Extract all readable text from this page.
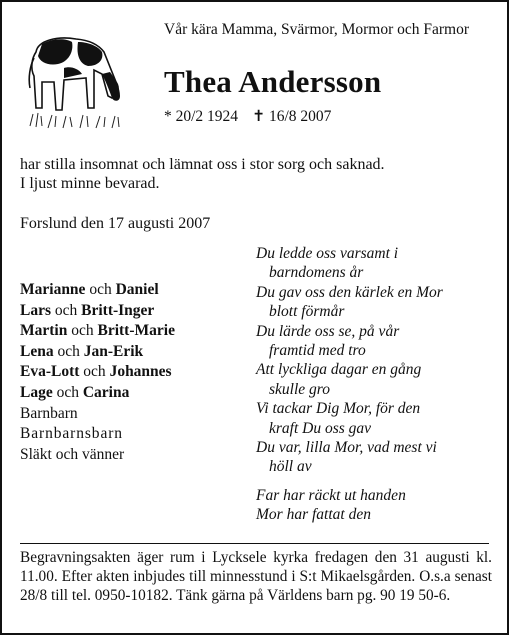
Vår kära Mamma, Svärmor, Mormor och Farmor
Thea Andersson
* 20/2 1924 ✝ 16/8 2007
har stilla insomnat och lämnat oss i stor sorg och saknad.
I ljust minne bevarad.
Forslund den 17 augusti 2007
Marianne och Daniel
Lars och Britt-Inger
Martin och Britt-Marie
Lena och Jan-Erik
Eva-Lott och Johannes
Lage och Carina
Barnbarn
Barnbarnsbarn
Släkt och vänner
Du ledde oss varsamt i
barndomens år
Du gav oss den kärlek en Mor
blott förmår
Du lärde oss se, på vår
framtid med tro
Att lyckliga dagar en gång
skulle gro
Vi tackar Dig Mor, för den
kraft Du oss gav
Du var, lilla Mor, vad mest vi
höll av
Far har räckt ut handen
Mor har fattat den
Begravningsakten äger rum i Lycksele kyrka fredagen den 31 augusti kl. 11.00. Efter akten inbjudes till minnesstund i S:t Mikaelsgården. O.s.a senast 28/8 till tel. 0950-10182. Tänk gärna på Världens barn pg. 90 19 50-6.
